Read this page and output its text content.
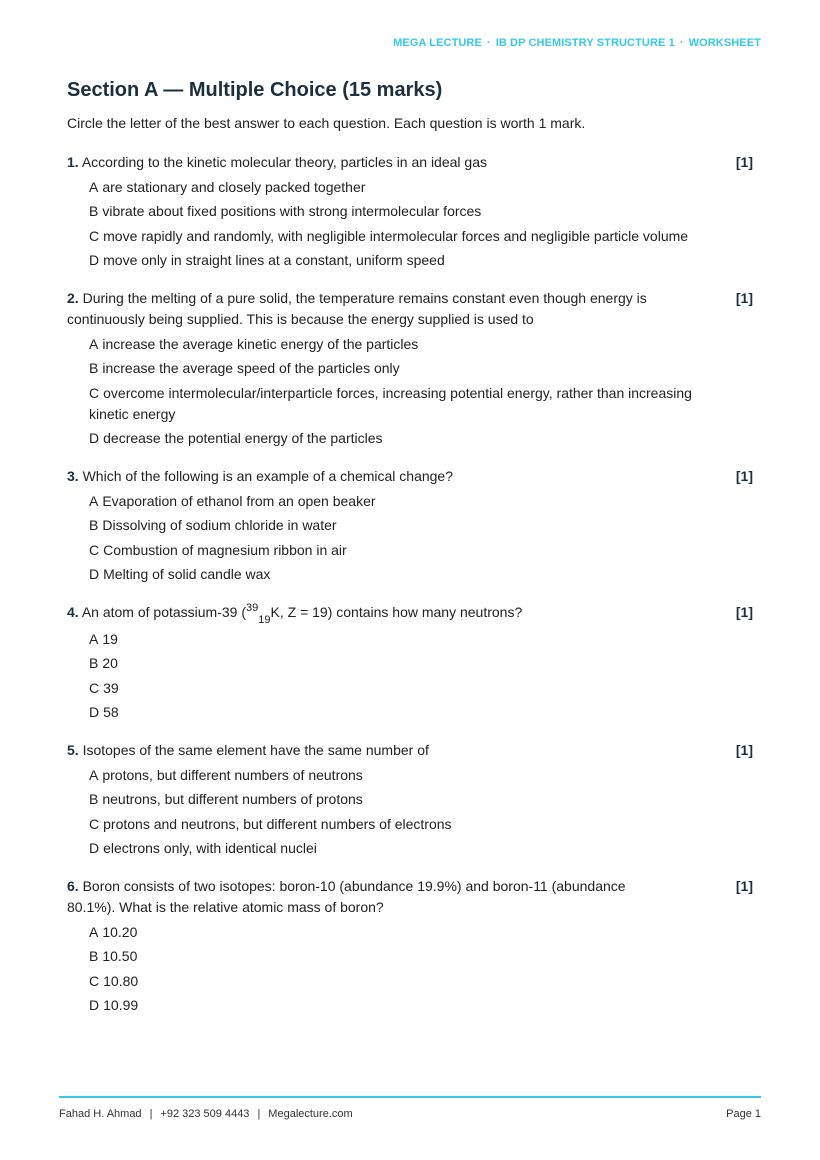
MEGA LECTURE · IB DP CHEMISTRY STRUCTURE 1 · WORKSHEET
Section A — Multiple Choice (15 marks)

Circle the letter of the best answer to each question. Each question is worth 1 mark.

1. According to the kinetic molecular theory, particles in an ideal gas	[1]
A are stationary and closely packed together
B vibrate about fixed positions with strong intermolecular forces
C move rapidly and randomly, with negligible intermolecular forces and negligible particle volume
D move only in straight lines at a constant, uniform speed
2. During the melting of a pure solid, the temperature remains constant even though energy is continuously being supplied. This is because the energy supplied is used to
[1]
A increase the average kinetic energy of the particles
B increase the average speed of the particles only
C overcome intermolecular/interparticle forces, increasing potential energy, rather than increasing kinetic energy
D decrease the potential energy of the particles
3. Which of the following is an example of a chemical change?	[1]
A Evaporation of ethanol from an open beaker
B Dissolving of sodium chloride in water
C Combustion of magnesium ribbon in air
D Melting of solid candle wax
4. An atom of potassium-39 ($^{39}_{19}$K, Z = 19) contains how many neutrons?	[1]
A 19
B 20
C 39
D 58
5. Isotopes of the same element have the same number of	[1]
A protons, but different numbers of neutrons
B neutrons, but different numbers of protons
C protons and neutrons, but different numbers of electrons
D electrons only, with identical nuclei
6. Boron consists of two isotopes: boron-10 (abundance 19.9%) and boron-11 (abundance 80.1%). What is the relative atomic mass of boron?
[1]
A 10.20
B 10.50
C 10.80
D 10.99
Fahad H. Ahmad | +92 323 509 4443 | Megalecture.com	Page 1
